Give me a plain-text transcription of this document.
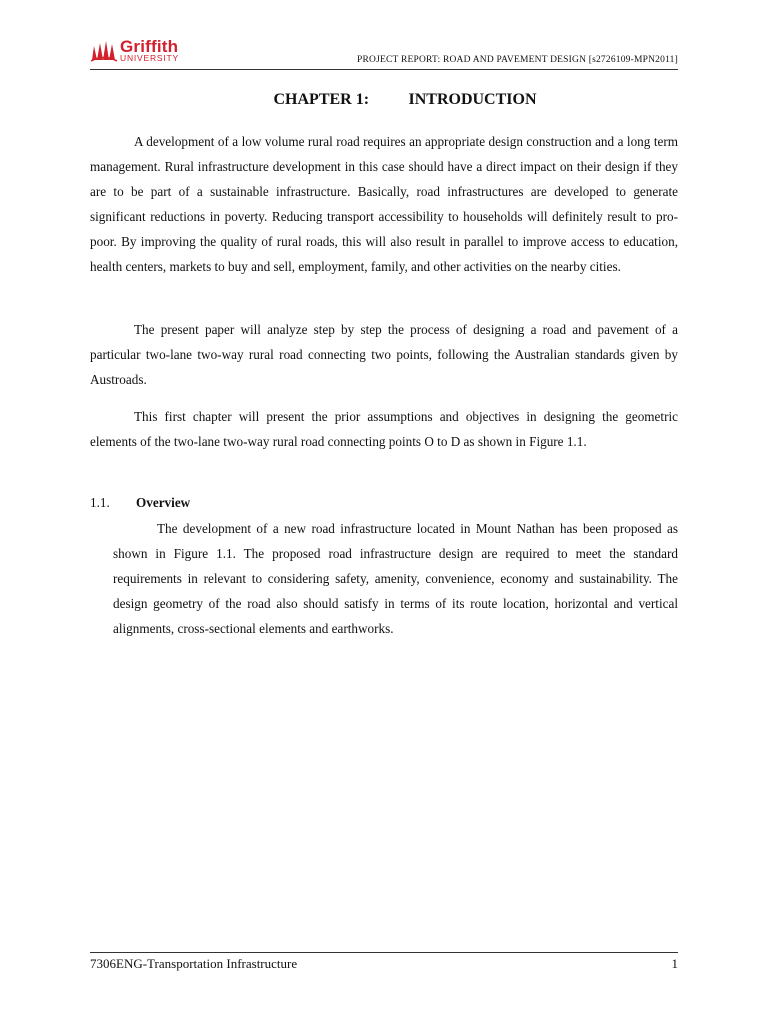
Griffith
UNIVERSITY	PROJECT REPORT: ROAD AND PAVEMENT DESIGN [s2726109-MPN2011]
CHAPTER 1: INTRODUCTION

A development of a low volume rural road requires an appropriate design construction and a long term management. Rural infrastructure development in this case should have a direct impact on their design if they are to be part of a sustainable infrastructure. Basically, road infrastructures are developed to generate significant reductions in poverty. Reducing transport accessibility to households will definitely result to pro-poor. By improving the quality of rural roads, this will also result in parallel to improve access to education, health centers, markets to buy and sell, employment, family, and other activities on the nearby cities.

The present paper will analyze step by step the process of designing a road and pavement of a particular two-lane two-way rural road connecting two points, following the Australian standards given by Austroads.

This first chapter will present the prior assumptions and objectives in designing the geometric elements of the two-lane two-way rural road connecting points O to D as shown in Figure 1.1.

1.1. Overview

The development of a new road infrastructure located in Mount Nathan has been proposed as shown in Figure 1.1. The proposed road infrastructure design are required to meet the standard requirements in relevant to considering safety, amenity, convenience, economy and sustainability. The design geometry of the road also should satisfy in terms of its route location, horizontal and vertical alignments, cross-sectional elements and earthworks.

7306ENG-Transportation Infrastructure	1
